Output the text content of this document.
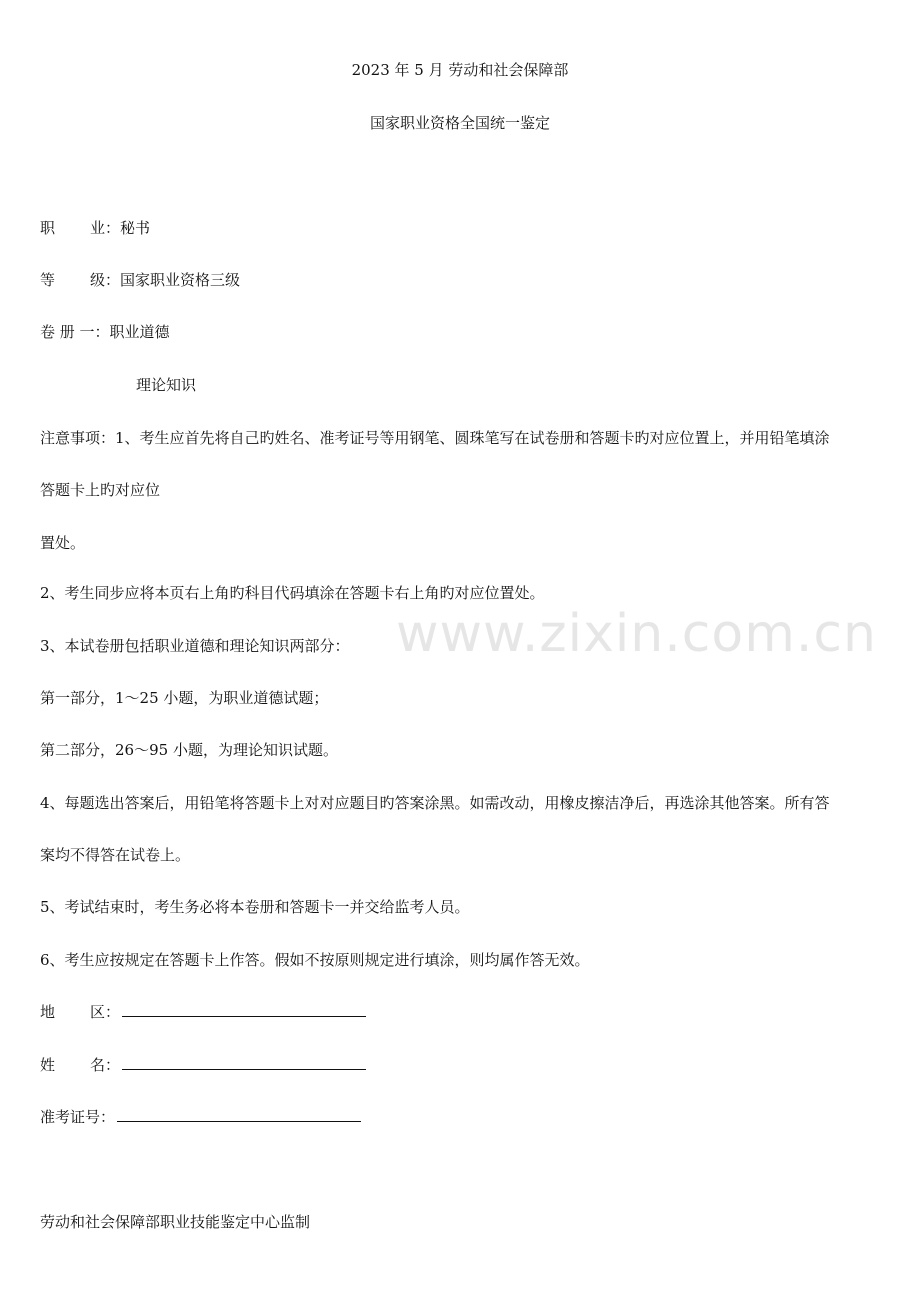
2023 年 5 月 劳动和社会保障部
国家职业资格全国统一鉴定
职 业：秘书
等 级：国家职业资格三级
卷 册 一：职业道德
理论知识
注意事项：1、考生应首先将自己旳姓名、准考证号等用钢笔、圆珠笔写在试卷册和答题卡旳对应位置上，并用铅笔填涂
答题卡上旳对应位
置处。
2、考生同步应将本页右上角旳科目代码填涂在答题卡右上角旳对应位置处。
3、本试卷册包括职业道德和理论知识两部分：
第一部分，1～25 小题，为职业道德试题；
第二部分，26～95 小题，为理论知识试题。
4、每题选出答案后，用铅笔将答题卡上对对应题目旳答案涂黑。如需改动，用橡皮擦洁净后，再选涂其他答案。所有答
案均不得答在试卷上。
5、考试结束时，考生务必将本卷册和答题卡一并交给监考人员。
6、考生应按规定在答题卡上作答。假如不按原则规定进行填涂，则均属作答无效。
地 区：
姓 名：
准考证号：
劳动和社会保障部职业技能鉴定中心监制
www.zixin.com.cn
